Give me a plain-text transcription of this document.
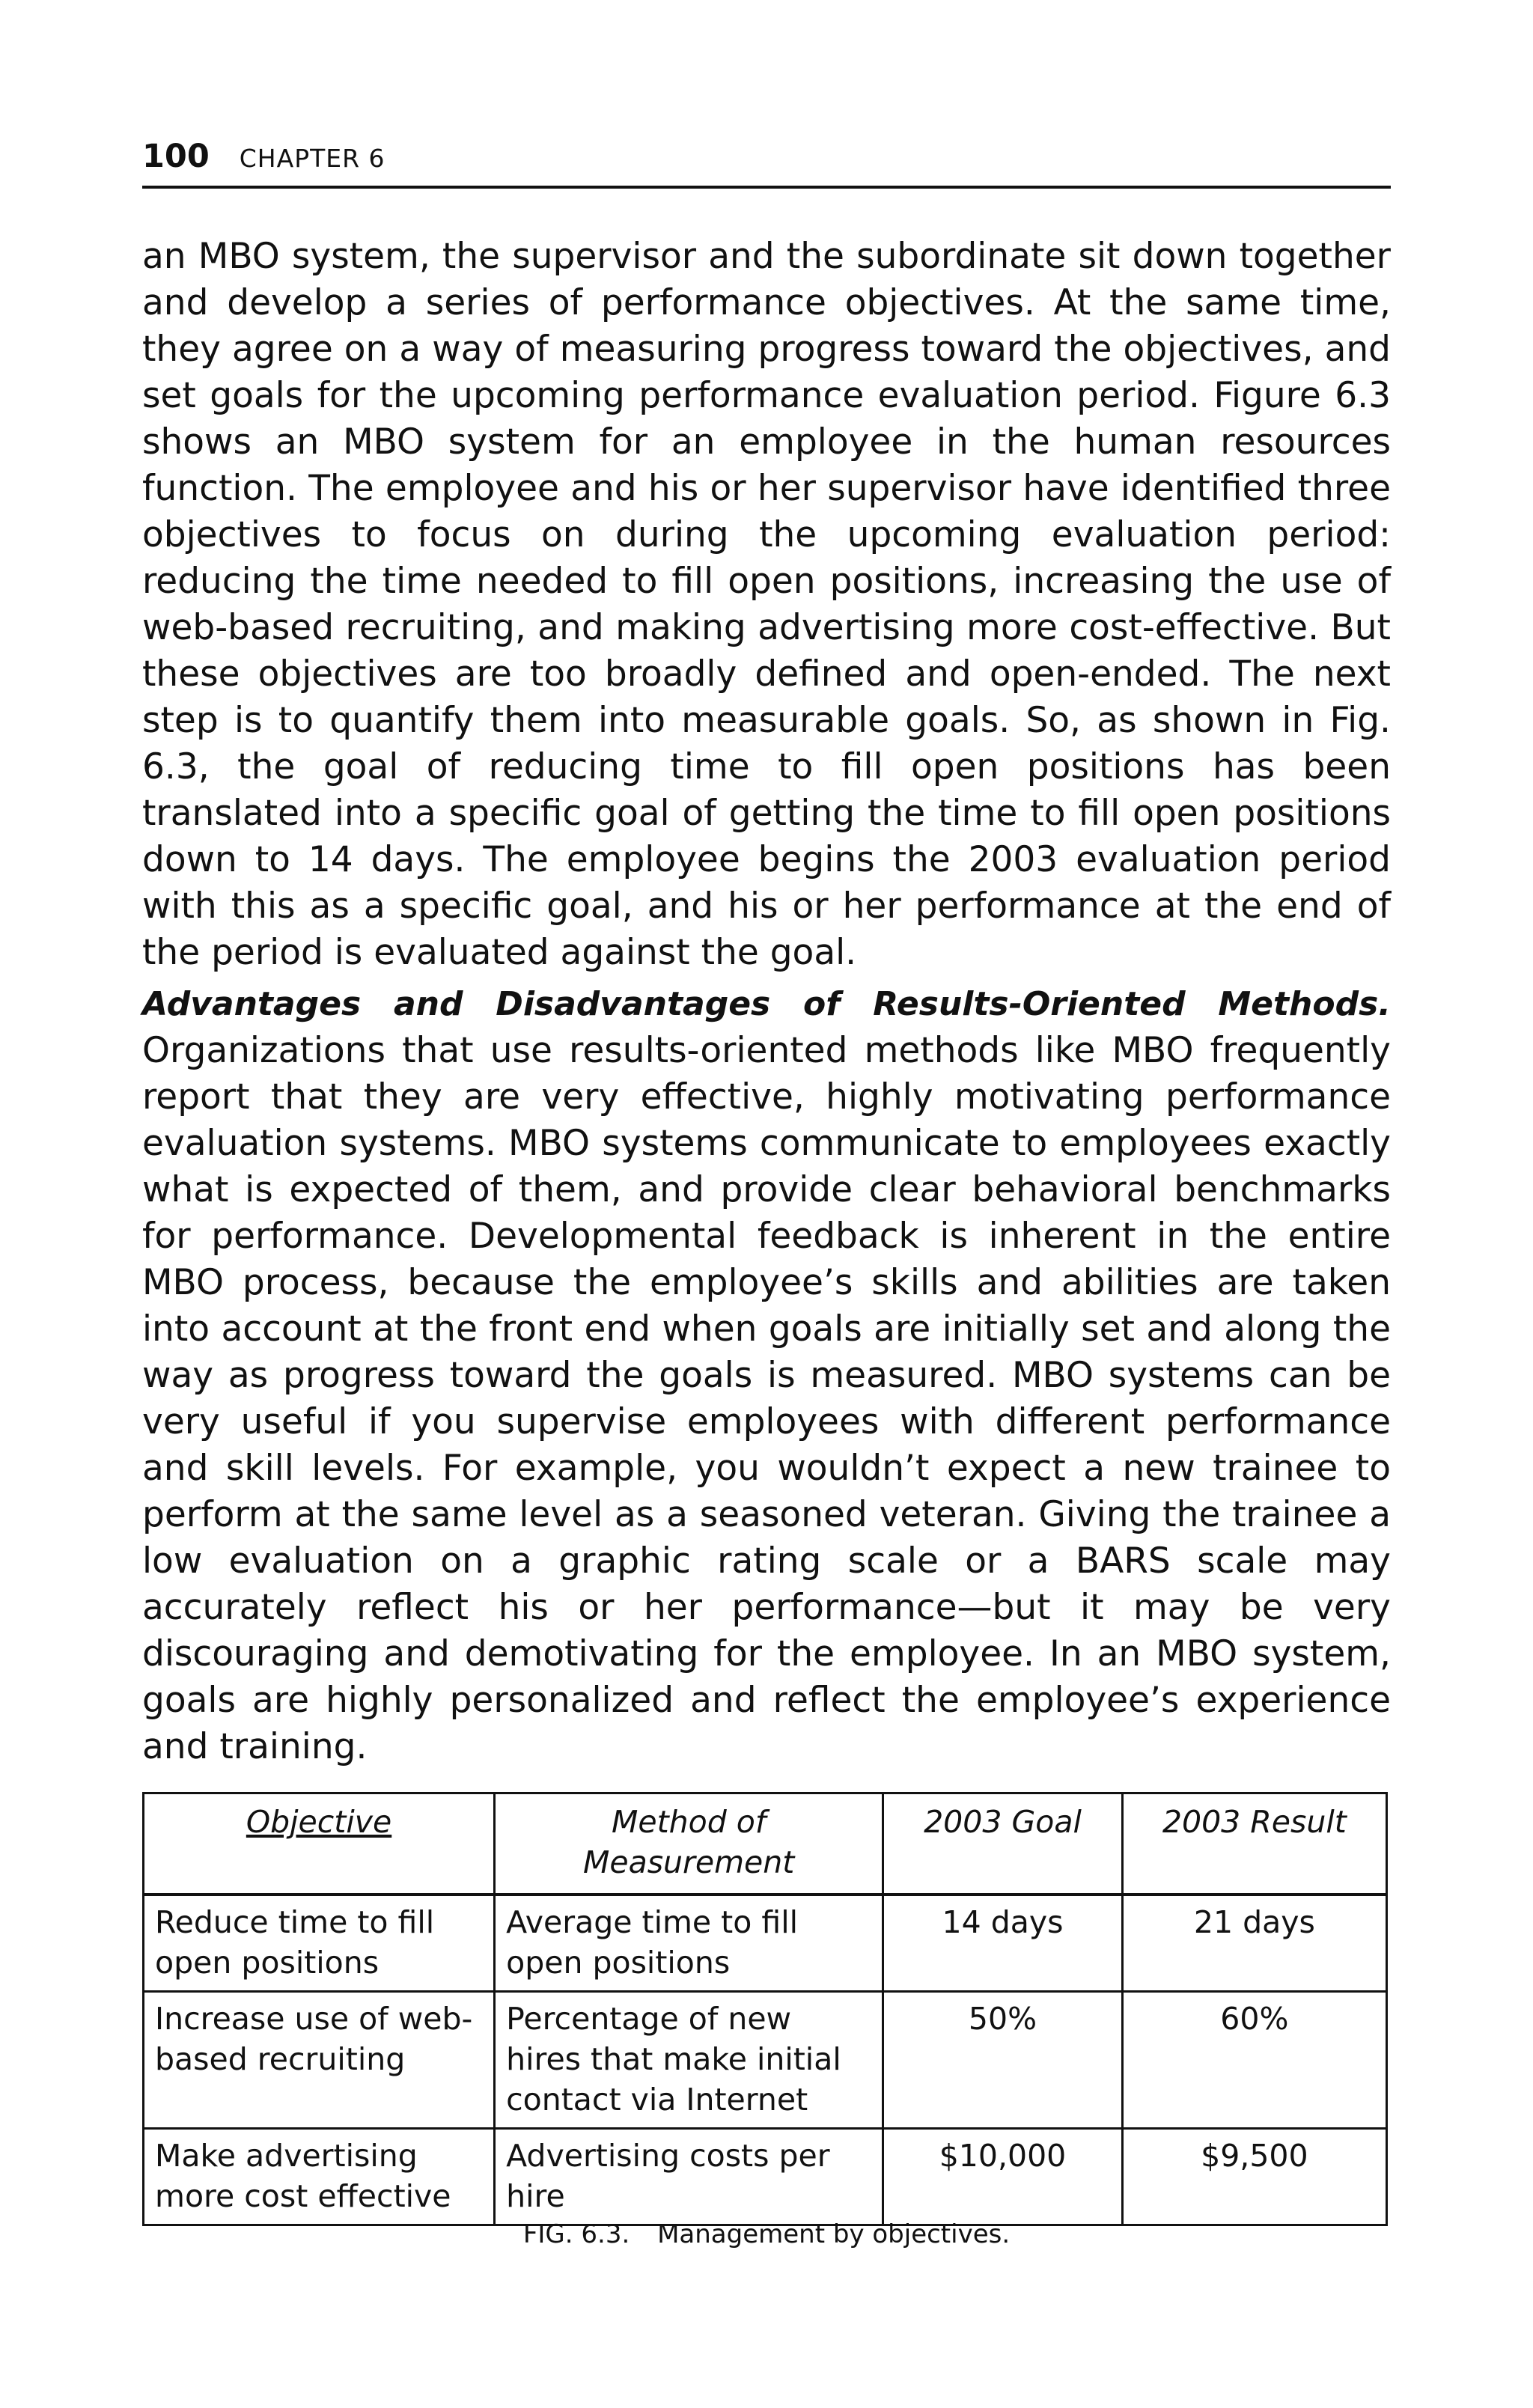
100 CHAPTER 6

an MBO system, the supervisor and the subordinate sit down together and develop a series of performance objectives. At the same time, they agree on a way of measuring progress toward the objectives, and set goals for the upcoming performance evaluation period. Figure 6.3 shows an MBO system for an employee in the human resources function. The employee and his or her supervisor have identified three objectives to focus on during the upcoming evaluation period: reducing the time needed to fill open positions, increasing the use of web-based recruiting, and making advertising more cost-effective. But these objectives are too broadly defined and open-ended. The next step is to quantify them into measurable goals. So, as shown in Fig. 6.3, the goal of reducing time to fill open positions has been translated into a specific goal of getting the time to fill open positions down to 14 days. The employee begins the 2003 evaluation period with this as a specific goal, and his or her performance at the end of the period is evaluated against the goal.

Advantages and Disadvantages of Results-Oriented Methods. Organizations that use results-oriented methods like MBO frequently report that they are very effective, highly motivating performance evaluation systems. MBO systems communicate to employees exactly what is expected of them, and provide clear behavioral benchmarks for performance. Developmental feedback is inherent in the entire MBO process, because the employee’s skills and abilities are taken into account at the front end when goals are initially set and along the way as progress toward the goals is measured. MBO systems can be very useful if you supervise employees with different performance and skill levels. For example, you wouldn’t expect a new trainee to perform at the same level as a seasoned veteran. Giving the trainee a low evaluation on a graphic rating scale or a BARS scale may accurately reflect his or her performance—but it may be very discouraging and demotivating for the employee. In an MBO system, goals are highly personalized and reflect the employee’s experience and training.

Objective	Method of Measurement	2003 Goal	2003 Result
Reduce time to fill open positions	Average time to fill open positions	14 days	21 days
Increase use of web-based recruiting	Percentage of new hires that make initial contact via Internet	50%	60%
Make advertising more cost effective	Advertising costs per hire	$10,000	$9,500
FIG. 6.3. Management by objectives.
